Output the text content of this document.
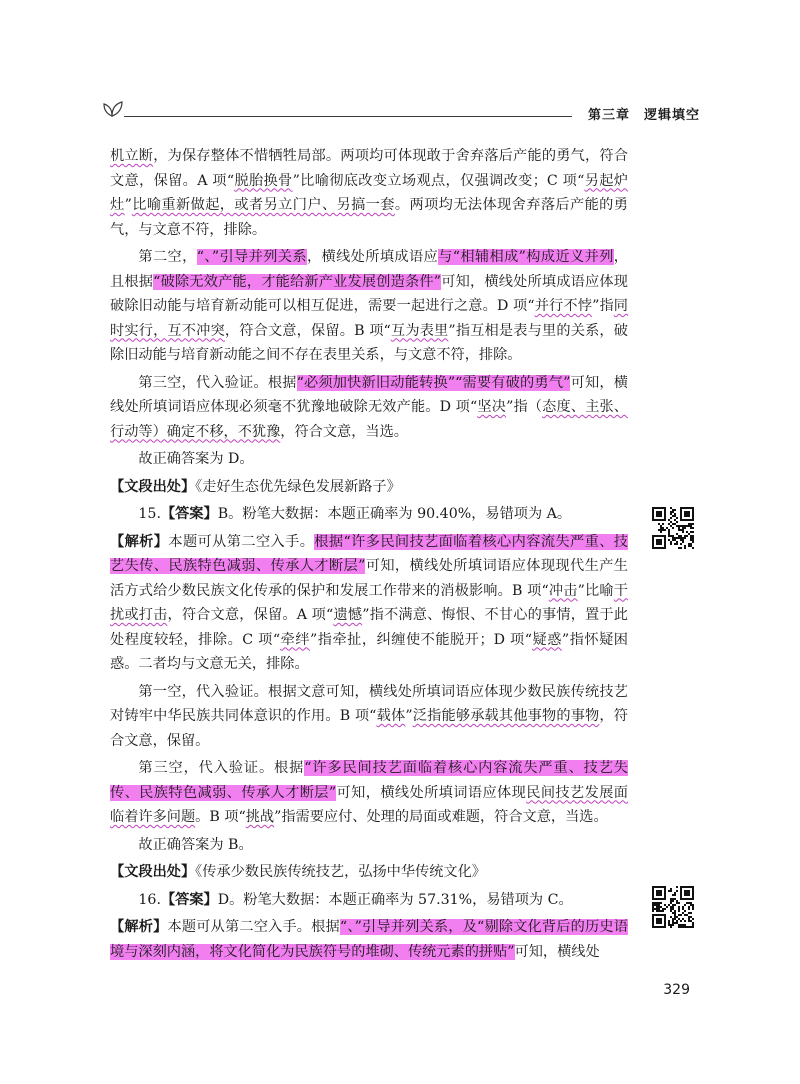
第三章 逻辑填空

机立断，为保存整体不惜牺牲局部。两项均可体现敢于舍弃落后产能的勇气，符合文意，保留。A 项“脱胎换骨”比喻彻底改变立场观点，仅强调改变；C 项“另起炉灶”比喻重新做起，或者另立门户、另搞一套。两项均无法体现舍弃落后产能的勇气，与文意不符，排除。

第二空，“、”引导并列关系，横线处所填成语应与“相辅相成”构成近义并列，且根据“破除无效产能，才能给新产业发展创造条件”可知，横线处所填成语应体现破除旧动能与培育新动能可以相互促进，需要一起进行之意。D 项“并行不悖”指同时实行，互不冲突，符合文意，保留。B 项“互为表里”指互相是表与里的关系，破除旧动能与培育新动能之间不存在表里关系，与文意不符，排除。

第三空，代入验证。根据“必须加快新旧动能转换”“需要有破的勇气”可知，横线处所填词语应体现必须毫不犹豫地破除无效产能。D 项“坚决”指（态度、主张、行动等）确定不移，不犹豫，符合文意，当选。

故正确答案为 D。

【文段出处】《走好生态优先绿色发展新路子》

15.【答案】B。粉笔大数据：本题正确率为 90.40%，易错项为 A。

【解析】本题可从第二空入手。根据“许多民间技艺面临着核心内容流失严重、技艺失传、民族特色减弱、传承人才断层”可知，横线处所填词语应体现现代生产生活方式给少数民族文化传承的保护和发展工作带来的消极影响。B 项“冲击”比喻干扰或打击，符合文意，保留。A 项“遗憾”指不满意、悔恨、不甘心的事情，置于此处程度较轻，排除。C 项“牵绊”指牵扯，纠缠使不能脱开；D 项“疑惑”指怀疑困惑。二者均与文意无关，排除。

第一空，代入验证。根据文意可知，横线处所填词语应体现少数民族传统技艺对铸牢中华民族共同体意识的作用。B 项“载体”泛指能够承载其他事物的事物，符合文意，保留。

第三空，代入验证。根据“许多民间技艺面临着核心内容流失严重、技艺失传、民族特色减弱、传承人才断层”可知，横线处所填词语应体现民间技艺发展面临着许多问题。B 项“挑战”指需要应付、处理的局面或难题，符合文意，当选。

故正确答案为 B。

【文段出处】《传承少数民族传统技艺，弘扬中华传统文化》

16.【答案】D。粉笔大数据：本题正确率为 57.31%，易错项为 C。

【解析】本题可从第二空入手。根据“、”引导并列关系，及“剔除文化背后的历史语境与深刻内涵，将文化简化为民族符号的堆砌、传统元素的拼贴”可知，横线处

329
